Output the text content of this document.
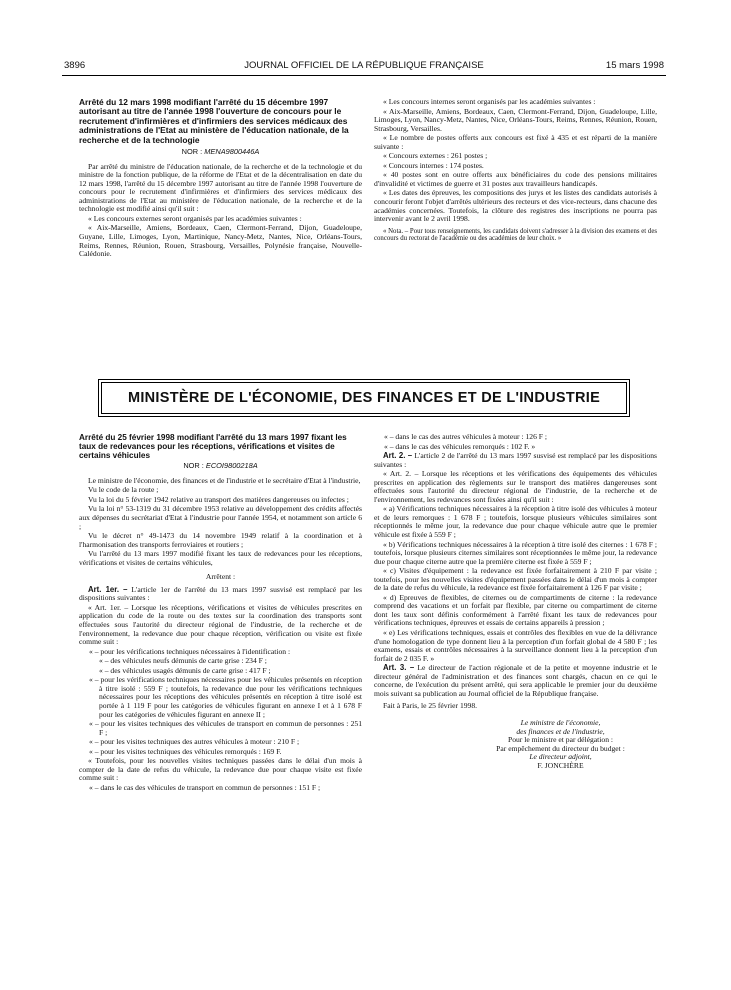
3896	JOURNAL OFFICIEL DE LA RÉPUBLIQUE FRANÇAISE	15 mars 1998

Arrêté du 12 mars 1998 modifiant l'arrêté du 15 décembre 1997 autorisant au titre de l'année 1998 l'ouverture de concours pour le recrutement d'infirmières et d'infirmiers des services médicaux des administrations de l'Etat au ministère de l'éducation nationale, de la recherche et de la technologie

NOR : MENA9800446A

Par arrêté du ministre de l'éducation nationale, de la recherche et de la technologie et du ministre de la fonction publique, de la réforme de l'Etat et de la décentralisation en date du 12 mars 1998, l'arrêté du 15 décembre 1997 autorisant au titre de l'année 1998 l'ouverture de concours pour le recrutement d'infirmières et d'infirmiers des services médicaux des administrations de l'Etat au ministère de l'éducation nationale, de la recherche et de la technologie est modifié ainsi qu'il suit :

« Les concours externes seront organisés par les académies suivantes :

« Aix-Marseille, Amiens, Bordeaux, Caen, Clermont-Ferrand, Dijon, Guadeloupe, Guyane, Lille, Limoges, Lyon, Martinique, Nancy-Metz, Nantes, Nice, Orléans-Tours, Reims, Rennes, Réunion, Rouen, Strasbourg, Versailles, Polynésie française, Nouvelle-Calédonie.

« Les concours internes seront organisés par les académies suivantes :

« Aix-Marseille, Amiens, Bordeaux, Caen, Clermont-Ferrand, Dijon, Guadeloupe, Lille, Limoges, Lyon, Nancy-Metz, Nantes, Nice, Orléans-Tours, Reims, Rennes, Réunion, Rouen, Strasbourg, Versailles.

« Le nombre de postes offerts aux concours est fixé à 435 et est réparti de la manière suivante :

« Concours externes : 261 postes ;

« Concours internes : 174 postes.

« 40 postes sont en outre offerts aux bénéficiaires du code des pensions militaires d'invalidité et victimes de guerre et 31 postes aux travailleurs handicapés.

« Les dates des épreuves, les compositions des jurys et les listes des candidats autorisés à concourir feront l'objet d'arrêtés ultérieurs des recteurs et des vice-recteurs, dans chacune des académies concernées. Toutefois, la clôture des registres des inscriptions ne pourra pas intervenir avant le 2 avril 1998.

« Nota. – Pour tous renseignements, les candidats doivent s'adresser à la division des examens et des concours du rectorat de l'académie ou des académies de leur choix. »

MINISTÈRE DE L'ÉCONOMIE, DES FINANCES ET DE L'INDUSTRIE

Arrêté du 25 février 1998 modifiant l'arrêté du 13 mars 1997 fixant les taux de redevances pour les réceptions, vérifications et visites de certains véhicules

NOR : ECOI9800218A

Le ministre de l'économie, des finances et de l'industrie et le secrétaire d'Etat à l'industrie,

Vu le code de la route ;

Vu la loi du 5 février 1942 relative au transport des matières dangereuses ou infectes ;

Vu la loi n° 53-1319 du 31 décembre 1953 relative au développement des crédits affectés aux dépenses du secrétariat d'Etat à l'industrie pour l'année 1954, et notamment son article 6 ;

Vu le décret n° 49-1473 du 14 novembre 1949 relatif à la coordination et à l'harmonisation des transports ferroviaires et routiers ;

Vu l'arrêté du 13 mars 1997 modifié fixant les taux de redevances pour les réceptions, vérifications et visites de certains véhicules,

Arrêtent :

Art. 1er. – L'article 1er de l'arrêté du 13 mars 1997 susvisé est remplacé par les dispositions suivantes :

« Art. 1er. – Lorsque les réceptions, vérifications et visites de véhicules prescrites en application du code de la route ou des textes sur la coordination des transports sont effectuées sous l'autorité du directeur régional de l'industrie, de la recherche et de l'environnement, la redevance due pour chaque réception, vérification ou visite est fixée comme suit :

« – pour les vérifications techniques nécessaires à l'identification :

« – des véhicules neufs démunis de carte grise : 234 F ;

« – des véhicules usagés démunis de carte grise : 417 F ;

« – pour les vérifications techniques nécessaires pour les véhicules présentés en réception à titre isolé : 559 F ; toutefois, la redevance due pour les vérifications techniques nécessaires pour les réceptions des véhicules présentés en réception à titre isolé est portée à 1 119 F pour les catégories de véhicules figurant en annexe I et à 1 678 F pour les catégories de véhicules figurant en annexe II ;

« – pour les visites techniques des véhicules de transport en commun de personnes : 251 F ;

« – pour les visites techniques des autres véhicules à moteur : 210 F ;

« – pour les visites techniques des véhicules remorqués : 169 F.

« Toutefois, pour les nouvelles visites techniques passées dans le délai d'un mois à compter de la date de refus du véhicule, la redevance due pour chaque visite est fixée comme suit :

« – dans le cas des véhicules de transport en commun de personnes : 151 F ;

« – dans le cas des autres véhicules à moteur : 126 F ;

« – dans le cas des véhicules remorqués : 102 F. »

Art. 2. – L'article 2 de l'arrêté du 13 mars 1997 susvisé est remplacé par les dispositions suivantes :

« Art. 2. – Lorsque les réceptions et les vérifications des équipements des véhicules prescrites en application des règlements sur le transport des matières dangereuses sont effectuées sous l'autorité du directeur régional de l'industrie, de la recherche et de l'environnement, les redevances sont fixées ainsi qu'il suit :

« a) Vérifications techniques nécessaires à la réception à titre isolé des véhicules à moteur et de leurs remorques : 1 678 F ; toutefois, lorsque plusieurs véhicules similaires sont réceptionnés le même jour, la redevance due pour chaque véhicule autre que le premier véhicule est fixée à 559 F ;

« b) Vérifications techniques nécessaires à la réception à titre isolé des citernes : 1 678 F ; toutefois, lorsque plusieurs citernes similaires sont réceptionnées le même jour, la redevance due pour chaque citerne autre que la première citerne est fixée à 559 F ;

« c) Visites d'équipement : la redevance est fixée forfaitairement à 210 F par visite ; toutefois, pour les nouvelles visites d'équipement passées dans le délai d'un mois à compter de la date de refus du véhicule, la redevance est fixée forfaitairement à 126 F par visite ;

« d) Epreuves de flexibles, de citernes ou de compartiments de citerne : la redevance comprend des vacations et un forfait par flexible, par citerne ou compartiment de citerne dont les taux sont définis conformément à l'arrêté fixant les taux de redevances pour vérifications techniques, épreuves et essais de certains appareils à pression ;

« e) Les vérifications techniques, essais et contrôles des flexibles en vue de la délivrance d'une homologation de type donnent lieu à la perception d'un forfait global de 4 580 F ; les examens, essais et contrôles nécessaires à la surveillance donnent lieu à la perception d'un forfait de 2 035 F. »

Art. 3. – Le directeur de l'action régionale et de la petite et moyenne industrie et le directeur général de l'administration et des finances sont chargés, chacun en ce qui le concerne, de l'exécution du présent arrêté, qui sera applicable le premier jour du deuxième mois suivant sa publication au Journal officiel de la République française.

Fait à Paris, le 25 février 1998.

Le ministre de l'économie,
des finances et de l'industrie,
Pour le ministre et par délégation :
Par empêchement du directeur du budget :
Le directeur adjoint,
F. JONCHÈRE
